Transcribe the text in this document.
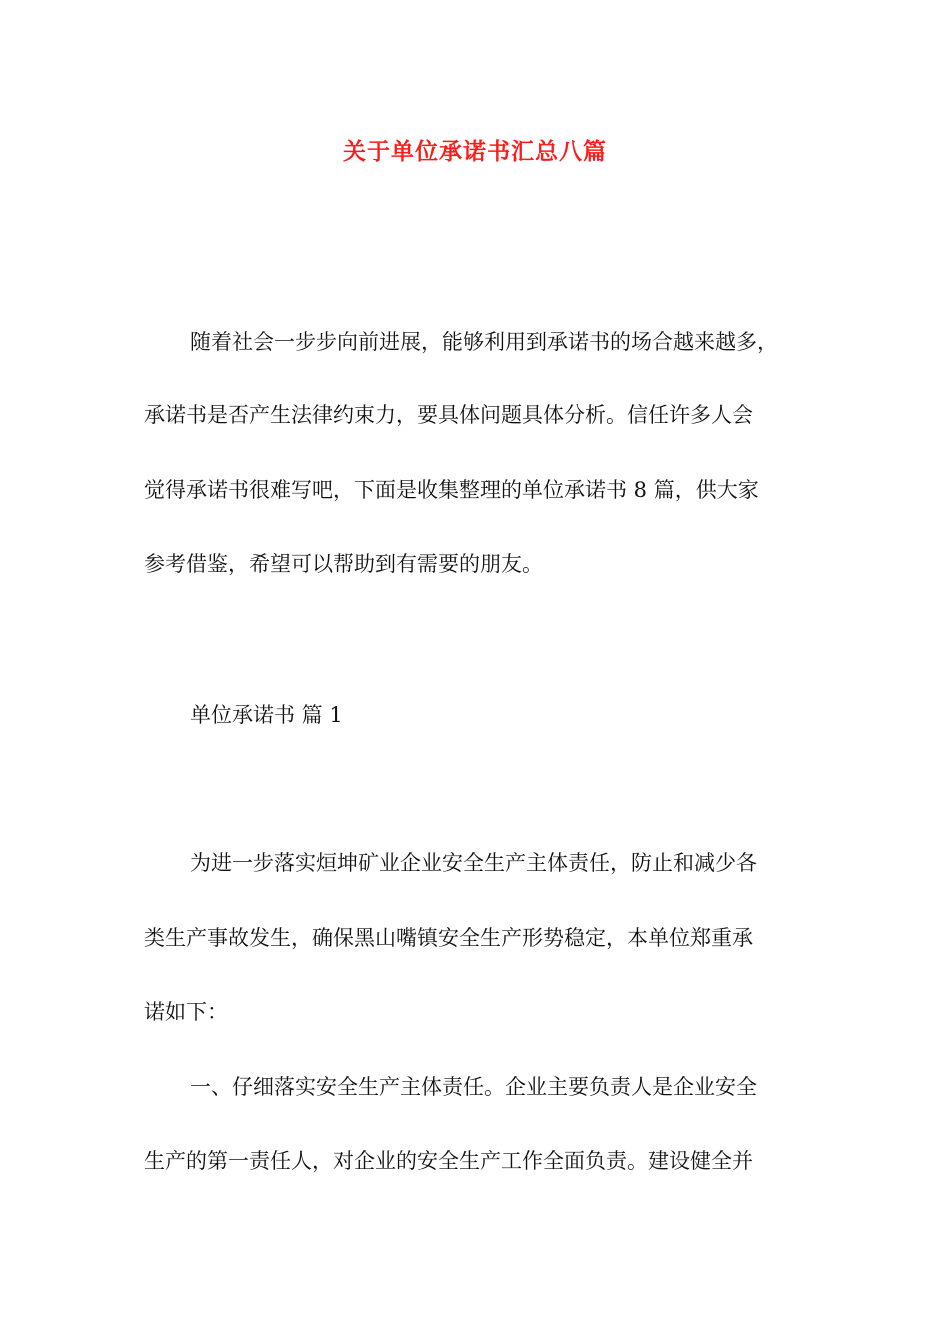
关于单位承诺书汇总八篇
随着社会一步步向前进展，能够利用到承诺书的场合越来越多，
承诺书是否产生法律约束力，要具体问题具体分析。信任许多人会
觉得承诺书很难写吧，下面是收集整理的单位承诺书 8 篇，供大家
参考借鉴，希望可以帮助到有需要的朋友。
单位承诺书 篇 1
为进一步落实烜坤矿业企业安全生产主体责任，防止和减少各
类生产事故发生，确保黑山嘴镇安全生产形势稳定，本单位郑重承
诺如下：
一、仔细落实安全生产主体责任。企业主要负责人是企业安全
生产的第一责任人，对企业的安全生产工作全面负责。建设健全并
